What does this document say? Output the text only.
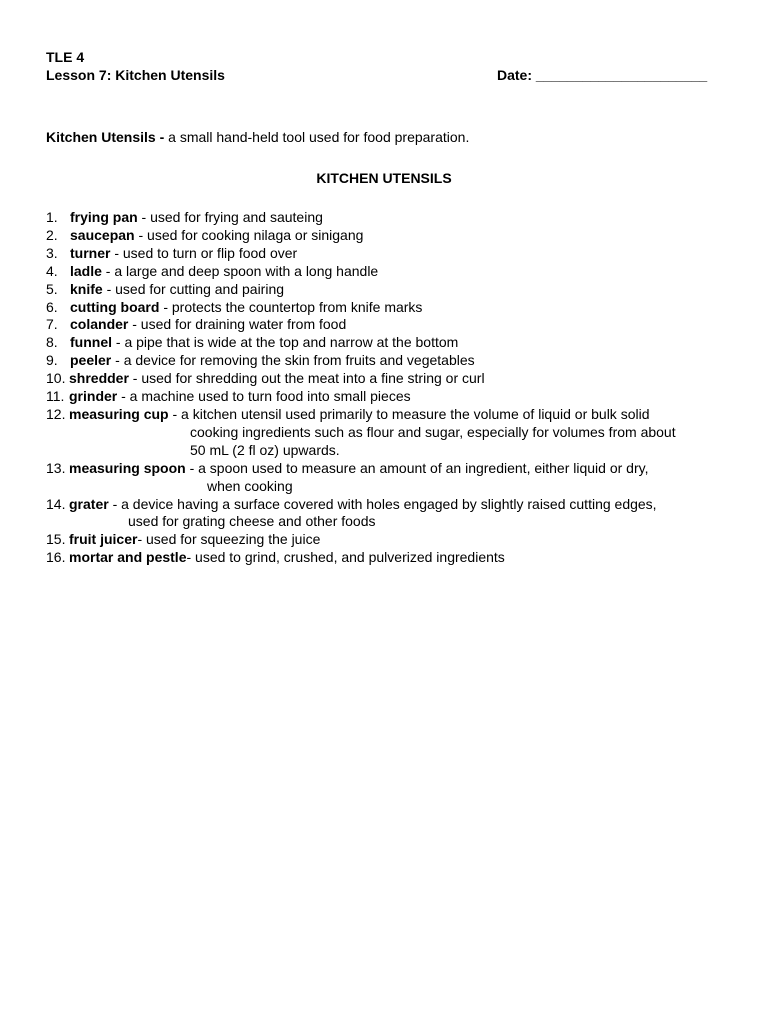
TLE 4
Lesson 7: Kitchen Utensils	Date: ______________________
Kitchen Utensils - a small hand-held tool used for food preparation.
KITCHEN UTENSILS
1. frying pan - used for frying and sauteing
2. saucepan - used for cooking nilaga or sinigang
3. turner - used to turn or flip food over
4. ladle - a large and deep spoon with a long handle
5. knife - used for cutting and pairing
6. cutting board - protects the countertop from knife marks
7. colander - used for draining water from food
8. funnel - a pipe that is wide at the top and narrow at the bottom
9. peeler - a device for removing the skin from fruits and vegetables
10. shredder - used for shredding out the meat into a fine string or curl
11. grinder - a machine used to turn food into small pieces
12. measuring cup - a kitchen utensil used primarily to measure the volume of liquid or bulk solid
cooking ingredients such as flour and sugar, especially for volumes from about
50 mL (2 fl oz) upwards.
13. measuring spoon - a spoon used to measure an amount of an ingredient, either liquid or dry,
when cooking
14. grater - a device having a surface covered with holes engaged by slightly raised cutting edges,
used for grating cheese and other foods
15. fruit juicer- used for squeezing the juice
16. mortar and pestle- used to grind, crushed, and pulverized ingredients
